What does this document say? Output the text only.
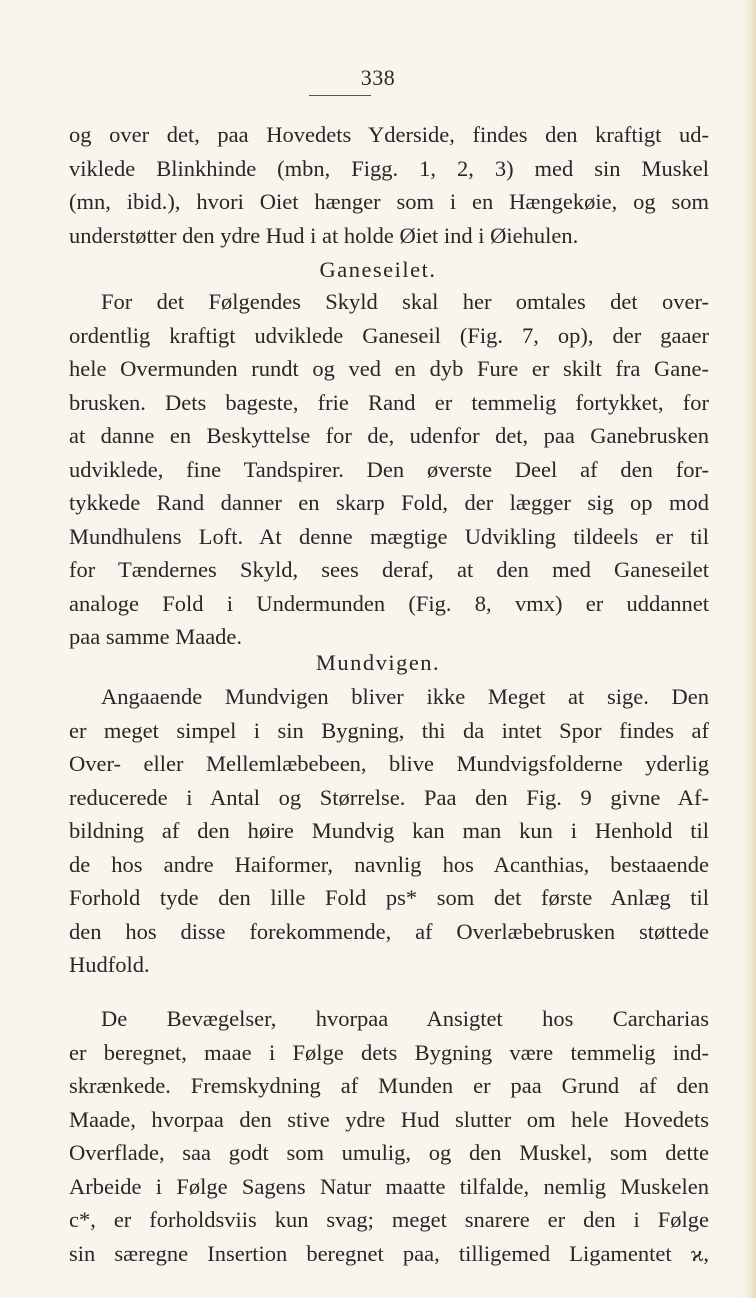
338
og over det, paa Hovedets Yderside, findes den kraftigt ud-
viklede Blinkhinde (mbn, Figg. 1, 2, 3) med sin Muskel
(mn, ibid.), hvori Oiet hænger som i en Hængekøie, og som
understøtter den ydre Hud i at holde Øiet ind i Øiehulen.
Ganeseilet.
For det Følgendes Skyld skal her omtales det over-
ordentlig kraftigt udviklede Ganeseil (Fig. 7, op), der gaaer
hele Overmunden rundt og ved en dyb Fure er skilt fra Gane-
brusken. Dets bageste, frie Rand er temmelig fortykket, for
at danne en Beskyttelse for de, udenfor det, paa Ganebrusken
udviklede, fine Tandspirer. Den øverste Deel af den for-
tykkede Rand danner en skarp Fold, der lægger sig op mod
Mundhulens Loft. At denne mægtige Udvikling tildeels er til
for Tændernes Skyld, sees deraf, at den med Ganeseilet
analoge Fold i Undermunden (Fig. 8, vmx) er uddannet
paa samme Maade.
Mundvigen.
Angaaende Mundvigen bliver ikke Meget at sige. Den
er meget simpel i sin Bygning, thi da intet Spor findes af
Over- eller Mellemlæbebeen, blive Mundvigsfolderne yderlig
reducerede i Antal og Størrelse. Paa den Fig. 9 givne Af-
bildning af den høire Mundvig kan man kun i Henhold til
de hos andre Haiformer, navnlig hos Acanthias, bestaaende
Forhold tyde den lille Fold ps* som det første Anlæg til
den hos disse forekommende, af Overlæbebrusken støttede
Hudfold.
De Bevægelser, hvorpaa Ansigtet hos Carcharias
er beregnet, maae i Følge dets Bygning være temmelig ind-
skrænkede. Fremskydning af Munden er paa Grund af den
Maade, hvorpaa den stive ydre Hud slutter om hele Hovedets
Overflade, saa godt som umulig, og den Muskel, som dette
Arbeide i Følge Sagens Natur maatte tilfalde, nemlig Muskelen
c*, er forholdsviis kun svag; meget snarere er den i Følge
sin særegne Insertion beregnet paa, tilligemed Ligamentet ϰ,
